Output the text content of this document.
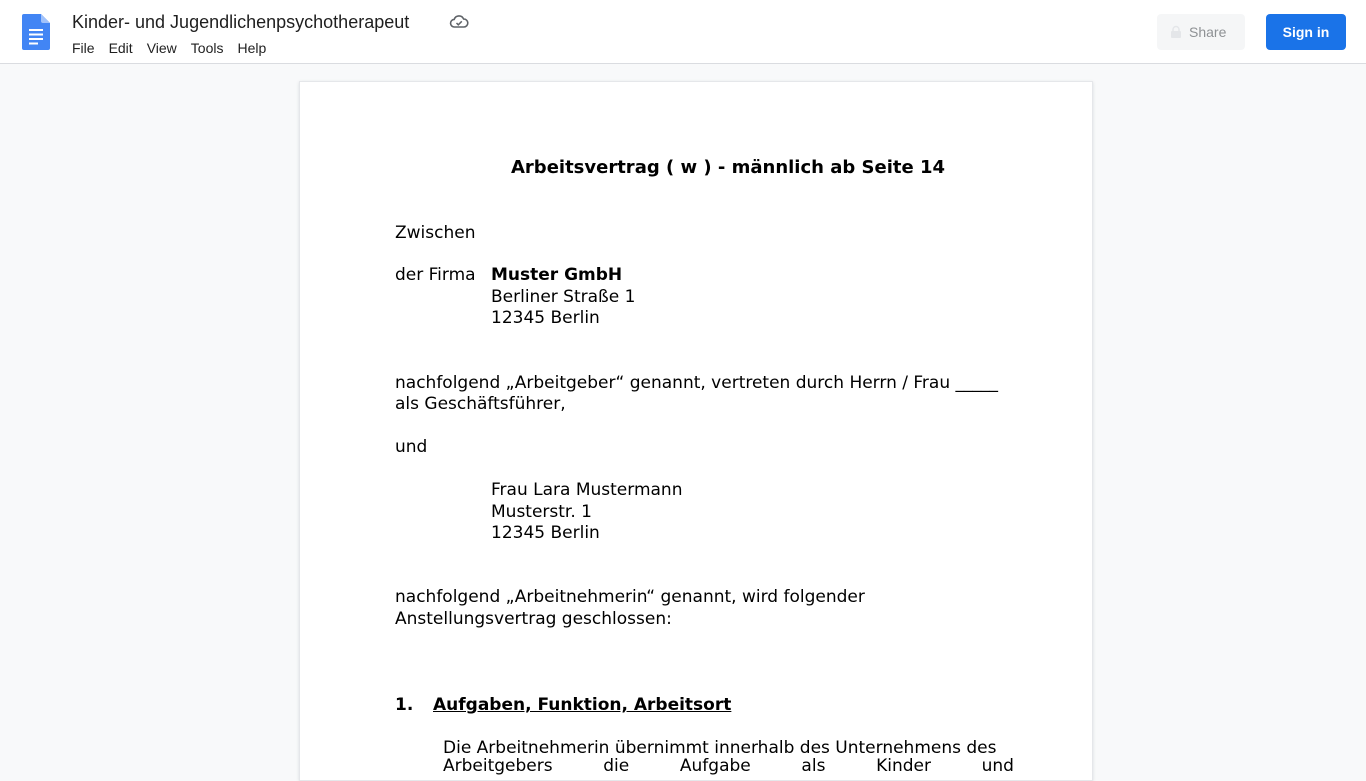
Kinder- und Jugendlichenpsychotherapeut
File	Edit	View	Tools	Help
Share	Sign in
Arbeitsvertrag ( w ) - männlich ab Seite 14
Zwischen
der Firma Muster GmbH
Berliner Straße 1
12345 Berlin
nachfolgend „Arbeitgeber“ genannt, vertreten durch Herrn / Frau _____
als Geschäftsführer,
und
Frau Lara Mustermann
Musterstr. 1
12345 Berlin
nachfolgend „Arbeitnehmerin“ genannt, wird folgender
Anstellungsvertrag geschlossen:
1. Aufgaben, Funktion, Arbeitsort
Die Arbeitnehmerin übernimmt innerhalb des Unternehmens des
Arbeitgebers	die	Aufgabe	als	Kinder	und
